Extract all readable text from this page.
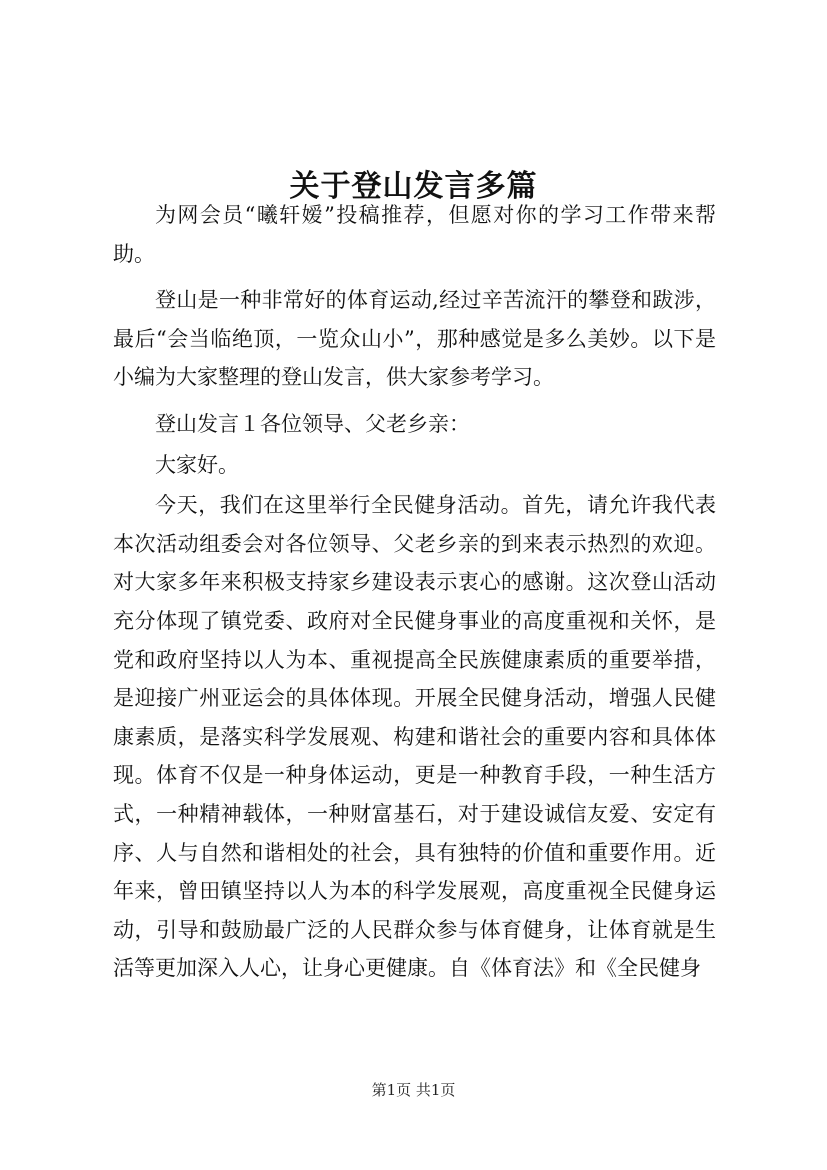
关于登山发言多篇

为网会员“曦轩嫒”投稿推荐，但愿对你的学习工作带来帮助。

登山是一种非常好的体育运动,经过辛苦流汗的攀登和跋涉，最后“会当临绝顶，一览众山小”，那种感觉是多么美妙。以下是小编为大家整理的登山发言，供大家参考学习。

登山发言１各位领导、父老乡亲：

大家好。

今天，我们在这里举行全民健身活动。首先，请允许我代表本次活动组委会对各位领导、父老乡亲的到来表示热烈的欢迎。对大家多年来积极支持家乡建设表示衷心的感谢。这次登山活动充分体现了镇党委、政府对全民健身事业的高度重视和关怀，是党和政府坚持以人为本、重视提高全民族健康素质的重要举措，是迎接广州亚运会的具体体现。开展全民健身活动，增强人民健康素质，是落实科学发展观、构建和谐社会的重要内容和具体体现。体育不仅是一种身体运动，更是一种教育手段，一种生活方式，一种精神载体，一种财富基石，对于建设诚信友爱、安定有序、人与自然和谐相处的社会，具有独特的价值和重要作用。近年来，曾田镇坚持以人为本的科学发展观，高度重视全民健身运动，引导和鼓励最广泛的人民群众参与体育健身，让体育就是生活等更加深入人心，让身心更健康。自《体育法》和《全民健身

第1页 共1页
